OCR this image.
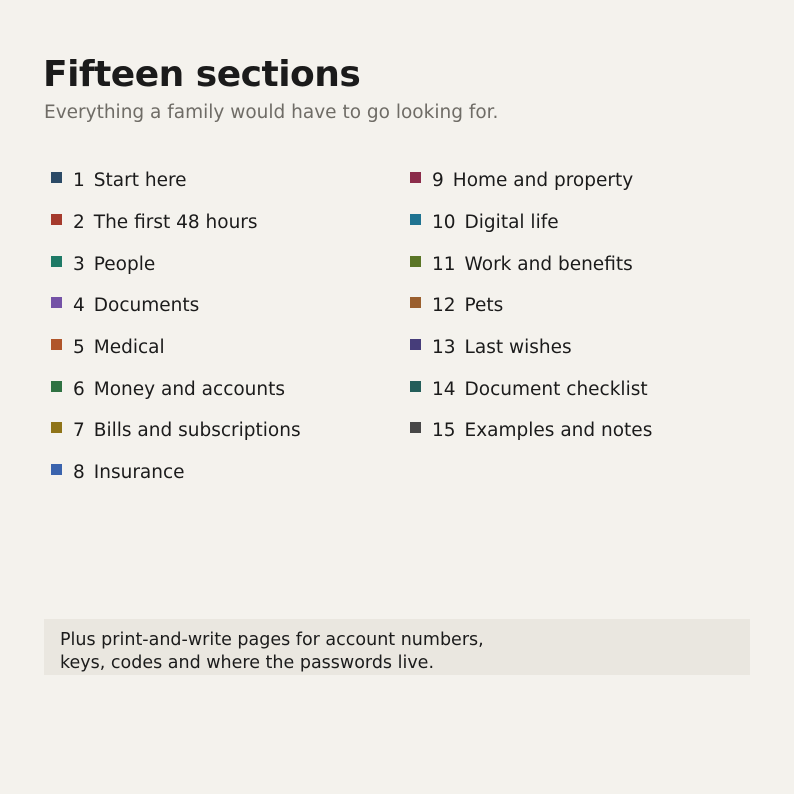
Fifteen sections

Everything a family would have to go looking for.

1 Start here
2 The first 48 hours
3 People
4 Documents
5 Medical
6 Money and accounts
7 Bills and subscriptions
8 Insurance
9 Home and property
10 Digital life
11 Work and benefits
12 Pets
13 Last wishes
14 Document checklist
15 Examples and notes
Plus print-and-write pages for account numbers,
keys, codes and where the passwords live.
